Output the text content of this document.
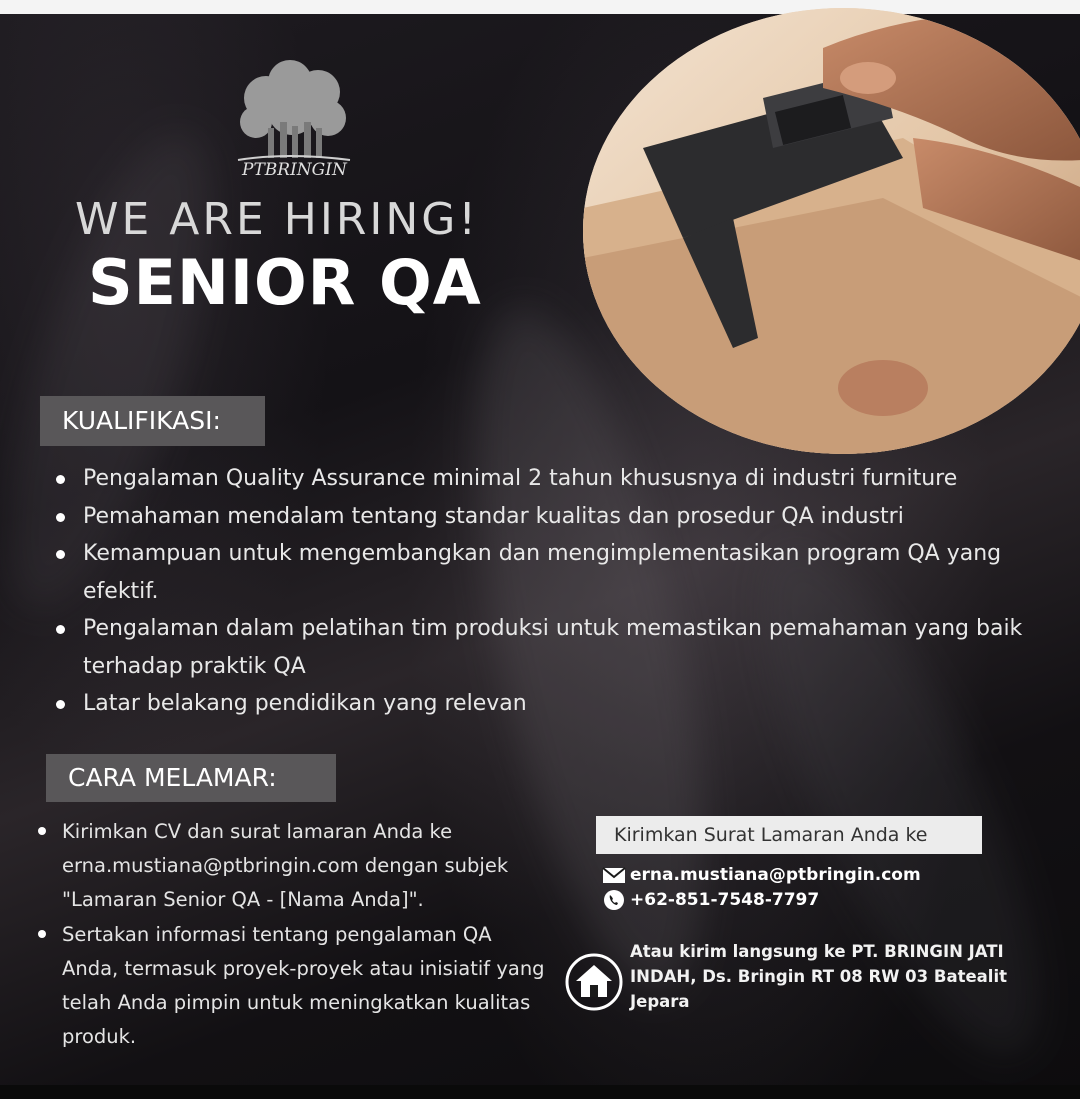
PTBRINGIN
WE ARE HIRING!
SENIOR QA
KUALIFIKASI:
Pengalaman Quality Assurance minimal 2 tahun khususnya di industri furniture
Pemahaman mendalam tentang standar kualitas dan prosedur QA industri
Kemampuan untuk mengembangkan dan mengimplementasikan program QA yang efektif.
Pengalaman dalam pelatihan tim produksi untuk memastikan pemahaman yang baik terhadap praktik QA
Latar belakang pendidikan yang relevan
CARA MELAMAR:
Kirimkan CV dan surat lamaran Anda ke erna.mustiana@ptbringin.com dengan subjek "Lamaran Senior QA - [Nama Anda]".
Sertakan informasi tentang pengalaman QA Anda, termasuk proyek-proyek atau inisiatif yang telah Anda pimpin untuk meningkatkan kualitas produk.
Kirimkan Surat Lamaran Anda ke
erna.mustiana@ptbringin.com
+62-851-7548-7797
Atau kirim langsung ke PT. BRINGIN JATI INDAH, Ds. Bringin RT 08 RW 03 Batealit Jepara
